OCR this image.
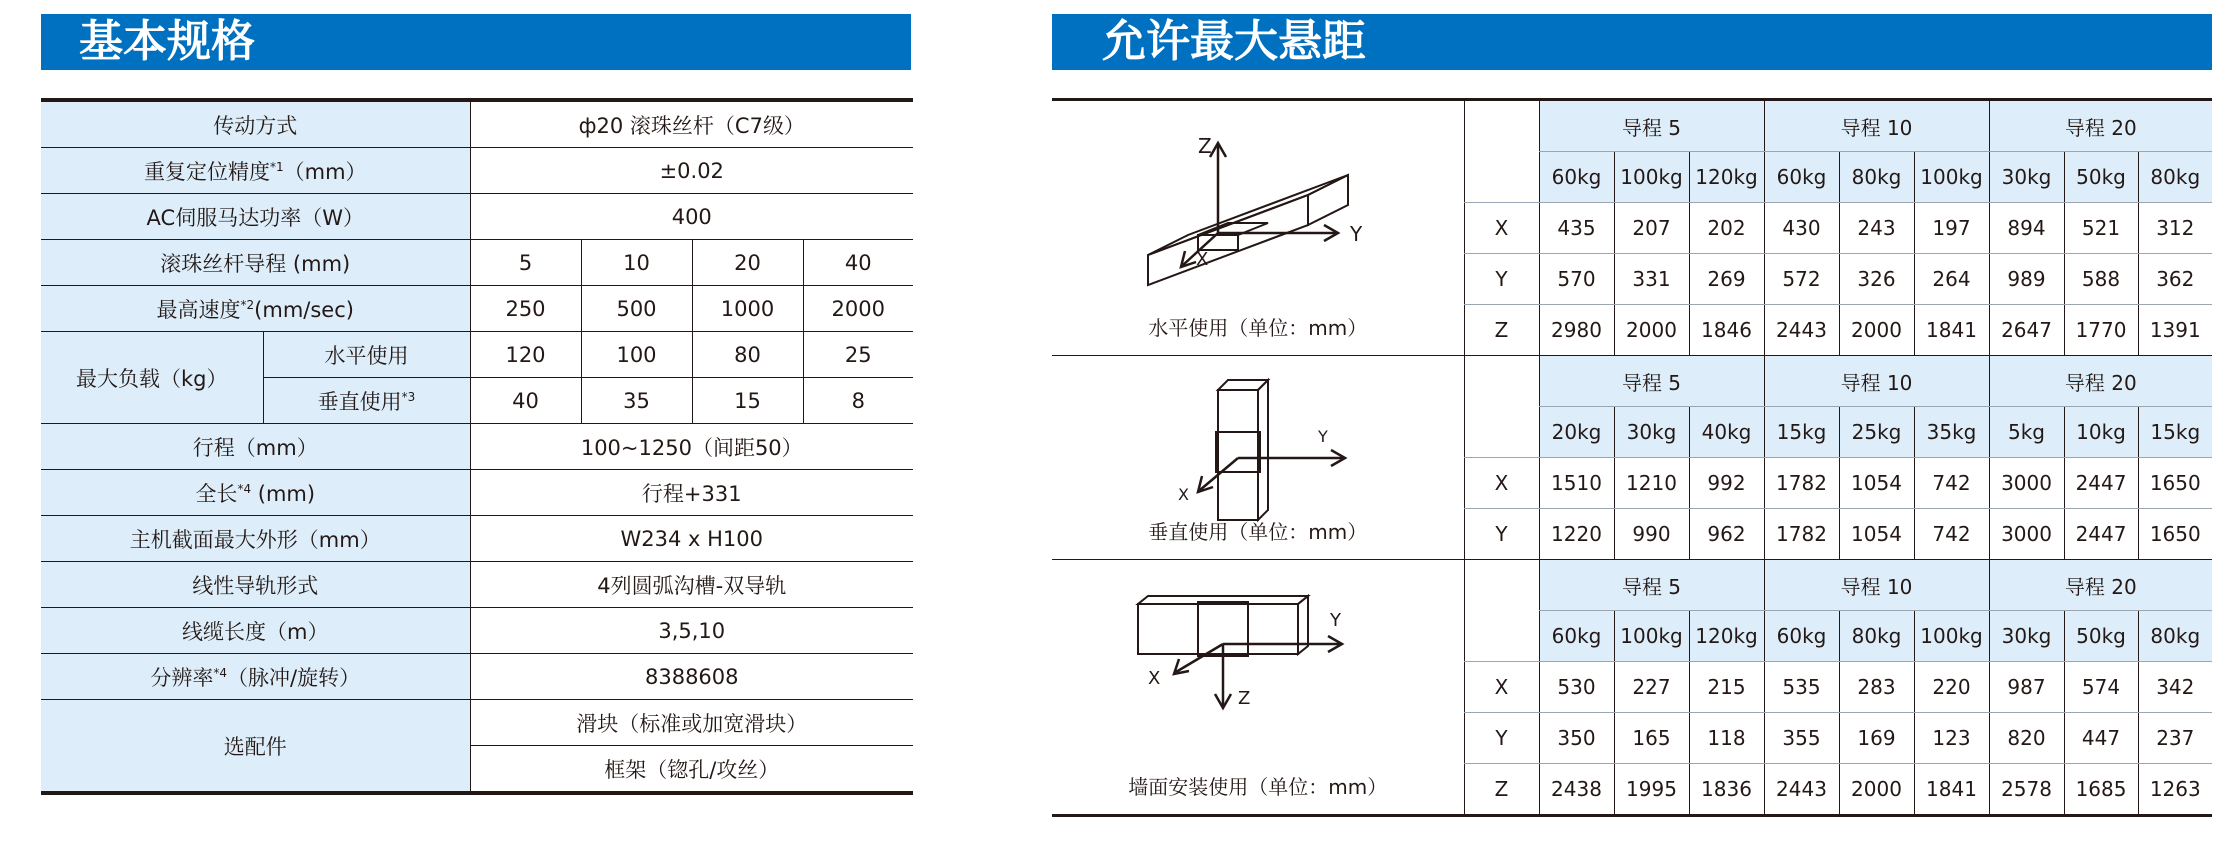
基本规格	允许最大悬距
传动方式		ф20 滚珠丝杆（C7级）			
重复定位精度$^{*1}$（mm）		±0.02			
AC伺服马达功率（W）		400			
滚珠丝杆导程 (mm)		5	10	20	40
最高速度$^{*2}$(mm/sec)		250	500	1000	2000
最大负载（kg）	水平使用	120	100	80	25
	垂直使用$^{*3}$	40	35	15	8
行程（mm）		100~1250（间距50）			
全长$^{*4}$ (mm)		行程+331			
主机截面最大外形（mm）		W234 x H100			
线性导轨形式		4列圆弧沟槽-双导轨			
线缆长度（m）		3,5,10			
分辨率$^{*4}$（脉冲/旋转）		8388608			
选配件		滑块（标准或加宽滑块）			
		框架（锪孔/攻丝）			
Z
Y
X
水平使用（单位：mm）		导程 5			导程 10			导程 20		
		60kg	100kg	120kg	60kg	80kg	100kg	30kg	50kg	80kg
	X	435	207	202	430	243	197	894	521	312
	Y	570	331	269	572	326	264	989	588	362
	Z	2980	2000	1846	2443	2000	1841	2647	1770	1391

Y
X
垂直使用（单位：mm）		导程 5			导程 10			导程 20		
		20kg	30kg	40kg	15kg	25kg	35kg	5kg	10kg	15kg
	X	1510	1210	992	1782	1054	742	3000	2447	1650
	Y	1220	990	962	1782	1054	742	3000	2447	1650

Y
X
Z
墙面安装使用（单位：mm）		导程 5			导程 10			导程 20		
		60kg	100kg	120kg	60kg	80kg	100kg	30kg	50kg	80kg
	X	530	227	215	535	283	220	987	574	342
	Y	350	165	118	355	169	123	820	447	237
	Z	2438	1995	1836	2443	2000	1841	2578	1685	1263
